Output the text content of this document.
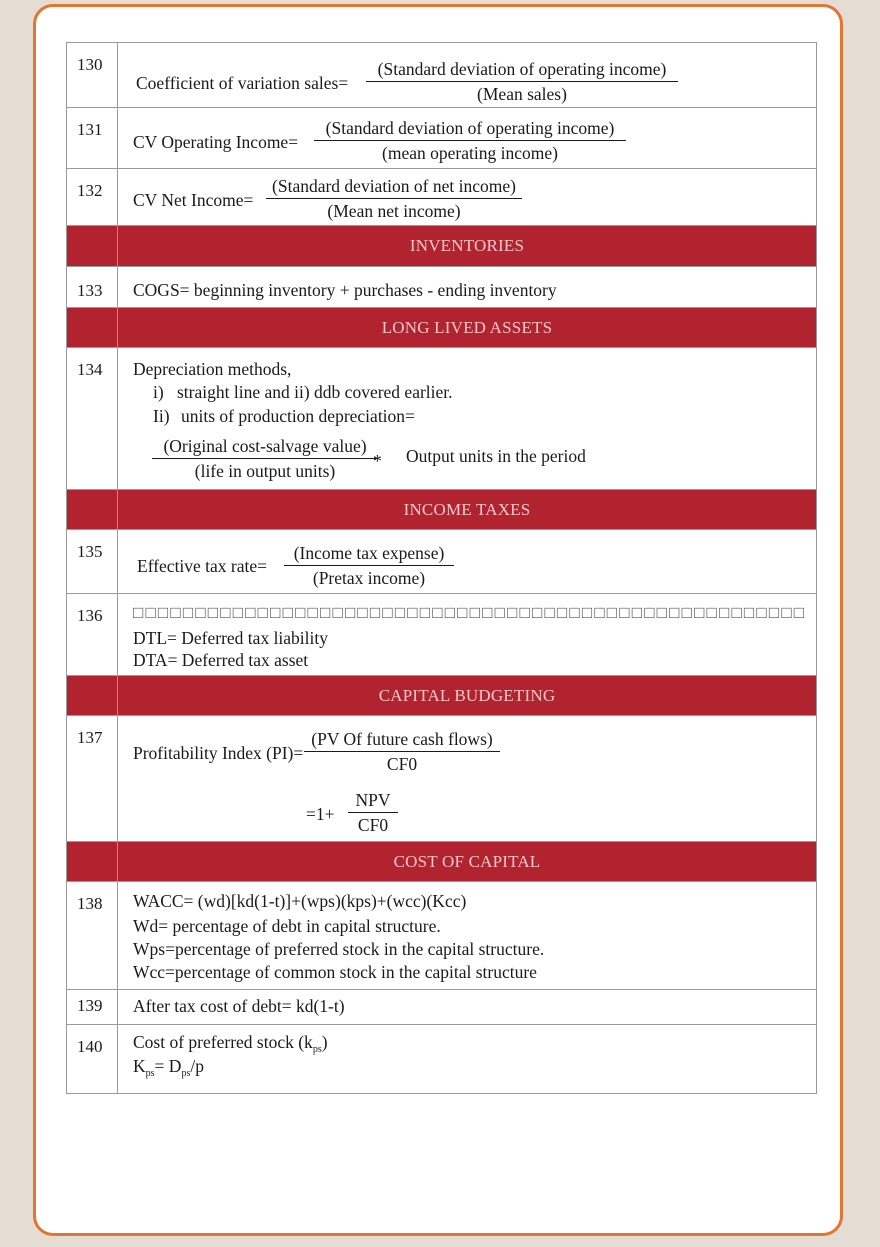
130
Coefficient of variation sales=
(Standard deviation of operating income)
(Mean sales)
131
CV Operating Income=
(Standard deviation of operating income)
(mean operating income)
132	CV Net Income=
(Standard deviation of net income)
(Mean net income)
INVENTORIES
133	COGS= beginning inventory + purchases - ending inventory
LONG LIVED ASSETS
134	Depreciation methods,
i) straight line and ii) ddb covered earlier.
Ii) units of production depreciation=
(Original cost-salvage value)
(life in output units)	* Output units in the period
INCOME TAXES
135
Effective tax rate=
(Income tax expense)
(Pretax income)
136	□□□□□□□□□□□□□□□□□□□□□□□□□□□□□□□□□□□□□□□□□□□□□□□□□□□□□□
DTL= Deferred tax liability
DTA= Deferred tax asset
CAPITAL BUDGETING
137
Profitability Index (PI)=
(PV Of future cash flows)
CF0
=1+
NPV
CF0
COST OF CAPITAL
138	WACC= (wd)[kd(1-t)]+(wps)(kps)+(wcc)(Kcc)
Wd= percentage of debt in capital structure.
Wps=percentage of preferred stock in the capital structure.
Wcc=percentage of common stock in the capital structure
139	After tax cost of debt= kd(1-t)
140	Cost of preferred stock $(k_{ps})$
$K_{ps}= D_{ps}/p$
